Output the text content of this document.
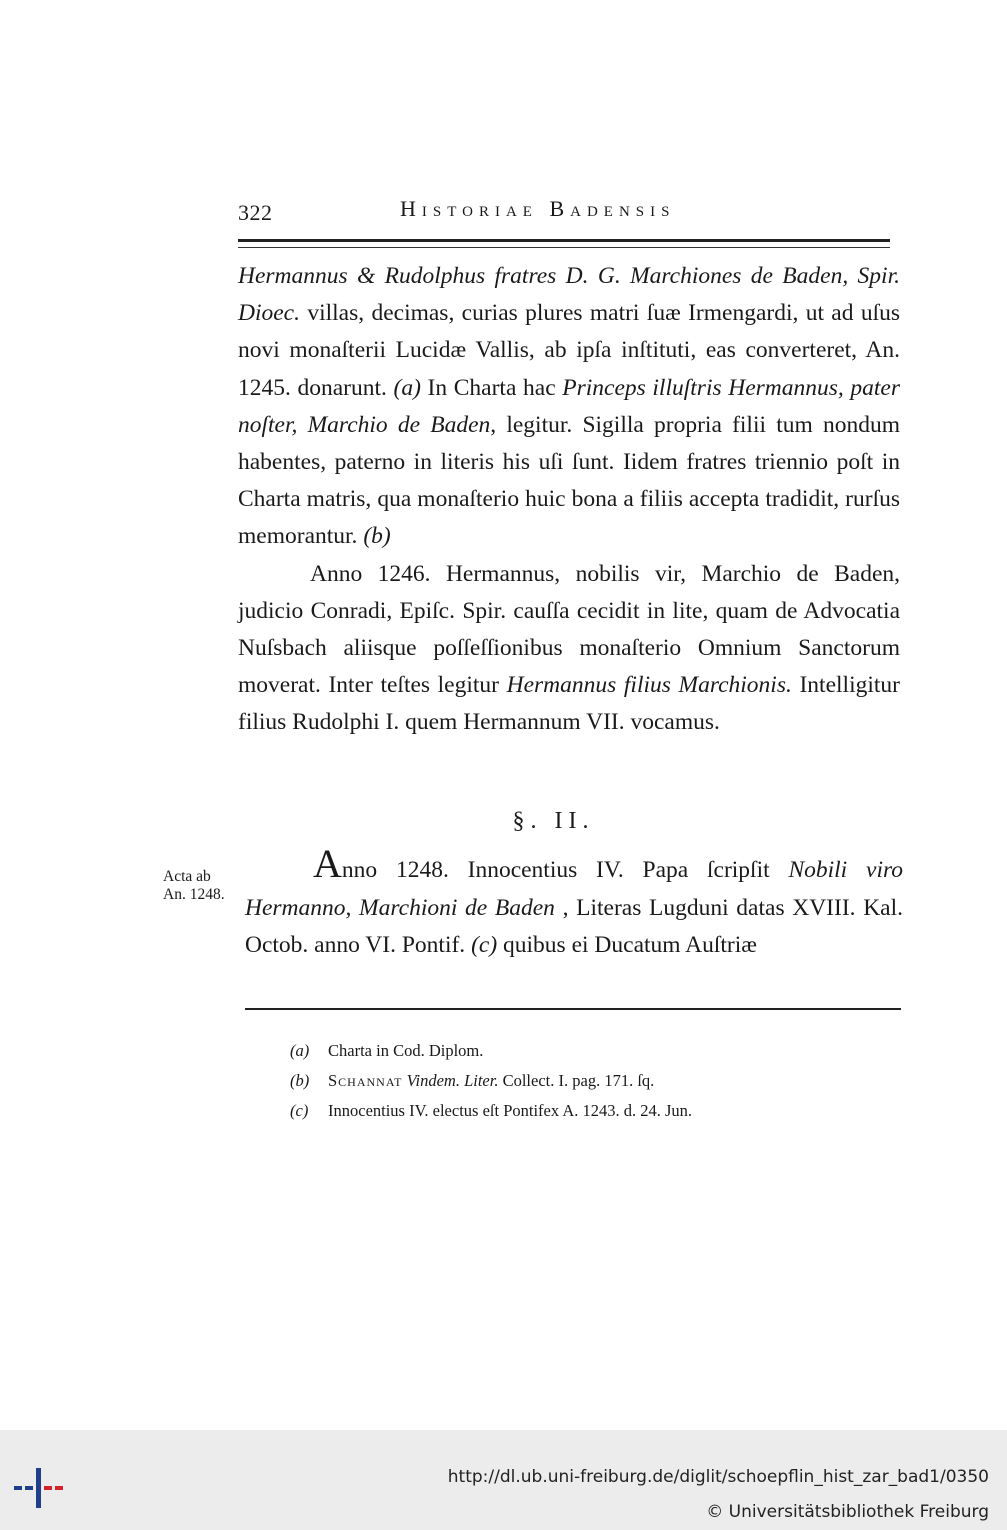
322	Historiae Badensis

Hermannus & Rudolphus fratres D. G. Marchiones de Baden, Spir. Dioec. villas, decimas, curias plures matri ſuæ Irmengardi, ut ad uſus novi monaſterii Lucidæ Vallis, ab ipſa inſtituti, eas converteret, An. 1245. donarunt. (a) In Charta hac Princeps illuſtris Hermannus, pater noſter, Marchio de Baden, legitur. Sigilla propria filii tum nondum habentes, paterno in literis his uſi ſunt. Iidem fratres triennio poſt in Charta matris, qua monaſterio huic bona a filiis accepta tradidit, rurſus memorantur. (b)

Anno 1246. Hermannus, nobilis vir, Marchio de Baden, judicio Conradi, Epiſc. Spir. cauſſa cecidit in lite, quam de Advocatia Nuſsbach aliisque poſſeſſionibus monaſterio Omnium Sanctorum moverat. Inter teſtes legitur Hermannus filius Marchionis. Intelligitur filius Rudolphi I. quem Hermannum VII. vocamus.

§. II.
Acta ab
An. 1248.

Anno 1248. Innocentius IV. Papa ſcripſit Nobili viro Hermanno, Marchioni de Baden , Literas Lugduni datas XVIII. Kal. Octob. anno VI. Pontif. (c) quibus ei Ducatum Auſtriæ

(a) Charta in Cod. Diplom.
(b) Schannat Vindem. Liter. Collect. I. pag. 171. ſq.
(c) Innocentius IV. electus eſt Pontifex A. 1243. d. 24. Jun.
http://dl.ub.uni-freiburg.de/diglit/schoepflin_hist_zar_bad1/0350
© Universitätsbibliothek Freiburg
